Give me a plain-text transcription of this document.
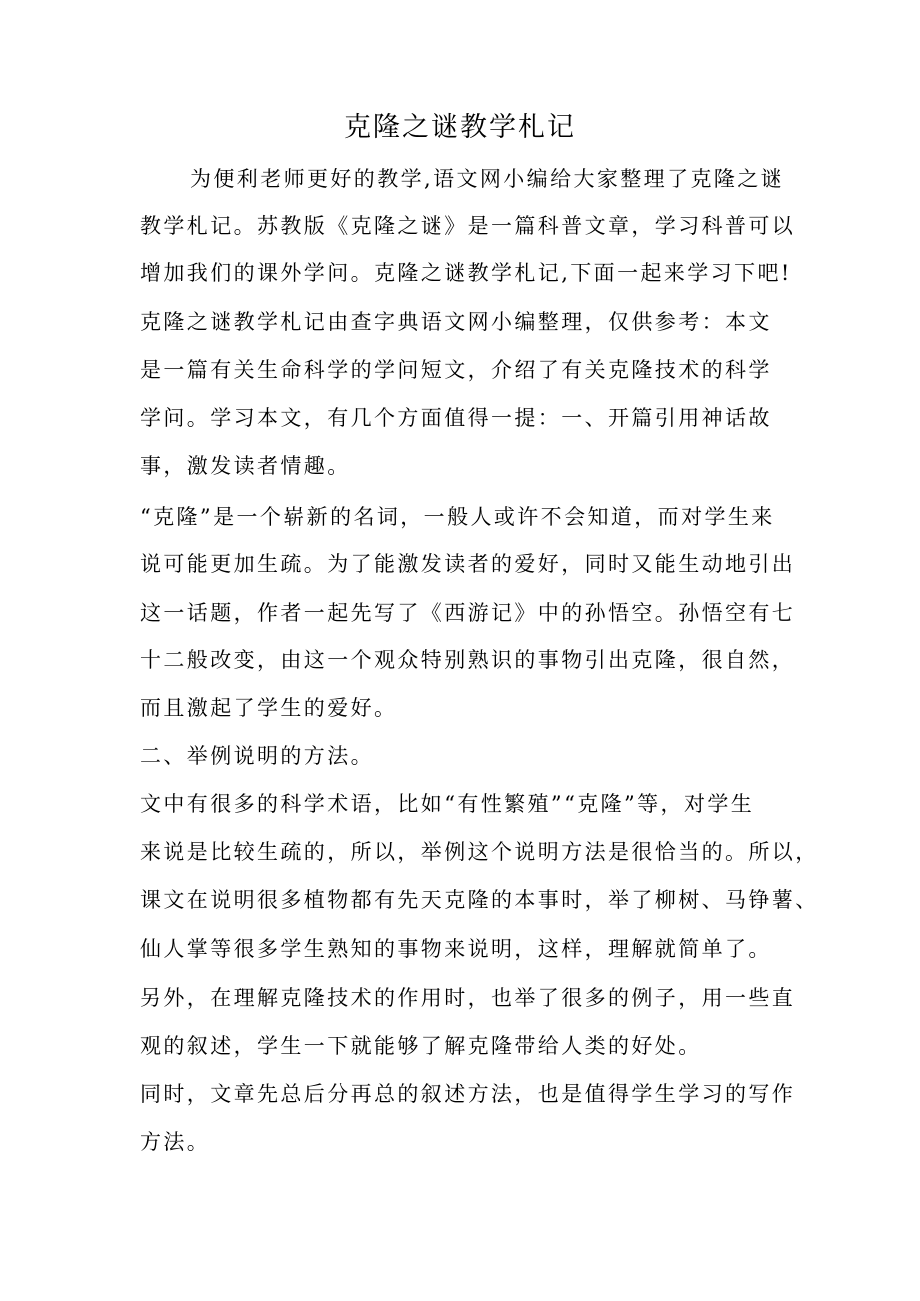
克隆之谜教学札记
为便利老师更好的教学,语文网小编给大家整理了克隆之谜
教学札记。苏教版《克隆之谜》是一篇科普文章，学习科普可以
增加我们的课外学问。克隆之谜教学札记,下面一起来学习下吧!
克隆之谜教学札记由查字典语文网小编整理，仅供参考：本文
是一篇有关生命科学的学问短文，介绍了有关克隆技术的科学
学问。学习本文，有几个方面值得一提：一、开篇引用神话故
事，激发读者情趣。
“克隆”是一个崭新的名词，一般人或许不会知道，而对学生来
说可能更加生疏。为了能激发读者的爱好，同时又能生动地引出
这一话题，作者一起先写了《西游记》中的孙悟空。孙悟空有七
十二般改变，由这一个观众特别熟识的事物引出克隆，很自然，
而且激起了学生的爱好。
二、举例说明的方法。
文中有很多的科学术语，比如“有性繁殖”“克隆”等，对学生
来说是比较生疏的，所以，举例这个说明方法是很恰当的。所以，
课文在说明很多植物都有先天克隆的本事时，举了柳树、马铮薯、
仙人掌等很多学生熟知的事物来说明，这样，理解就简单了。
另外，在理解克隆技术的作用时，也举了很多的例子，用一些直
观的叙述，学生一下就能够了解克隆带给人类的好处。
同时，文章先总后分再总的叙述方法，也是值得学生学习的写作
方法。
